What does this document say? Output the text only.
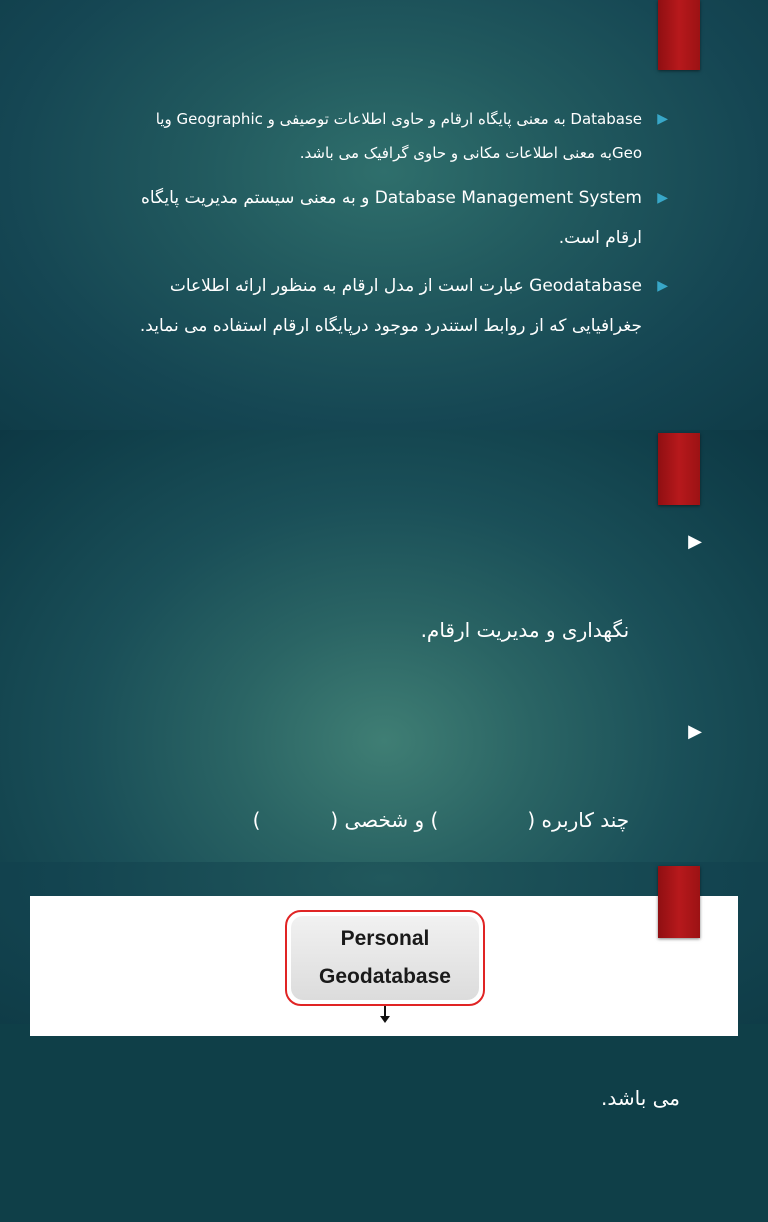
▶
Database به معنی پایگاه ارقام و حاوی اطلاعات توصیفی و Geographic ویا
Geoبه معنی اطلاعات مکانی و حاوی گرافیک می باشد.
▶
Database Management System و به معنی سیستم مدیریت پایگاه
ارقام است.
▶
Geodatabase عبارت است از مدل ارقام به منظور ارائه اطلاعات
جغرافیایی که از روابط استندرد موجود درپایگاه ارقام استفاده می نماید.

▶

نگهداری و مدیریت ارقام.

▶

چند کاربره (              ) و شخصی (           )

می باشد.

Personal
Geodatabase
